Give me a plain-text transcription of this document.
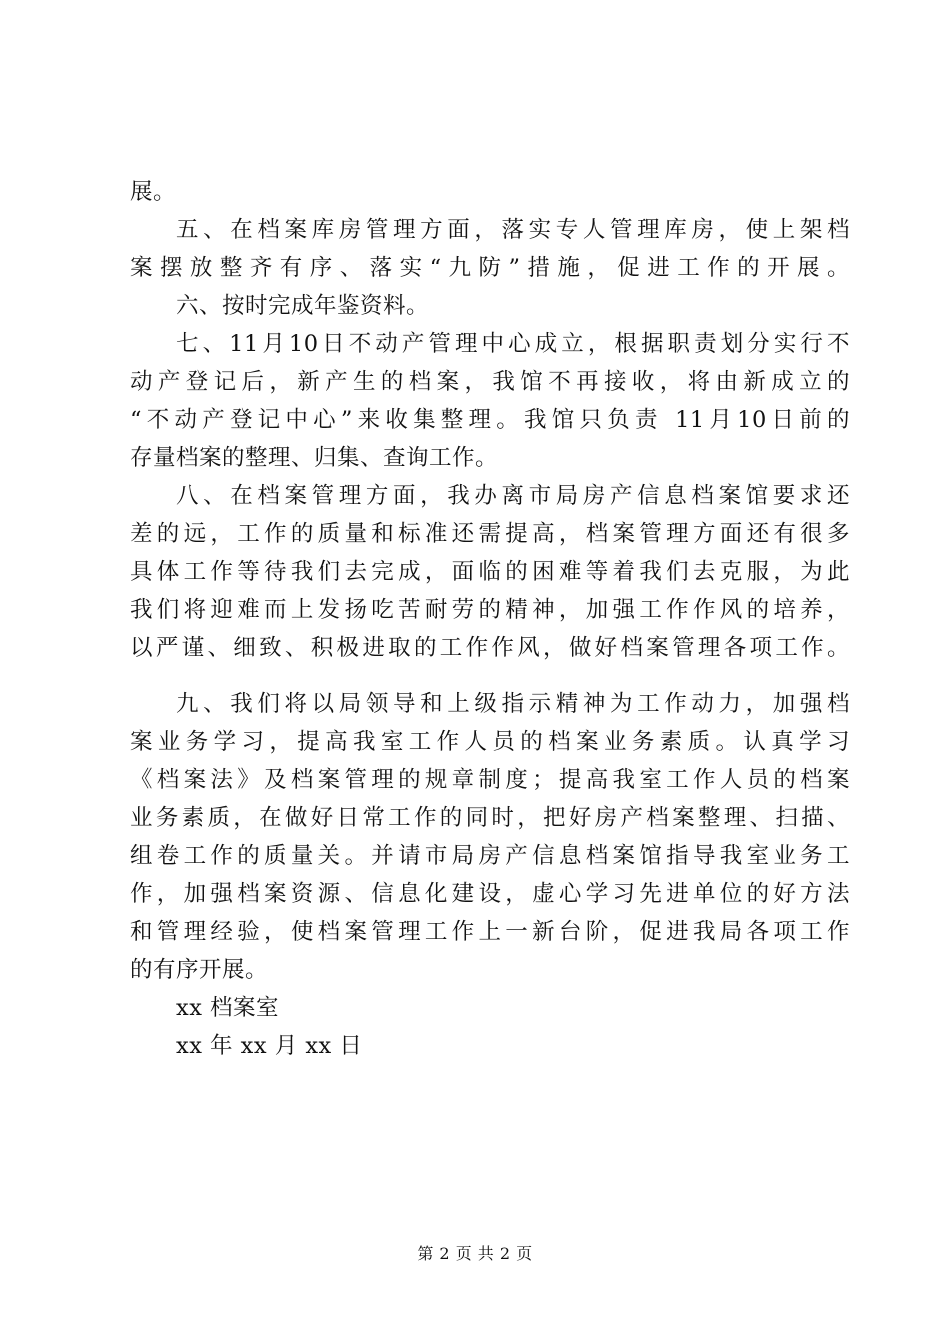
展。
五、在档案库房管理方面，落实专人管理库房，使上架档
案摆放整齐有序、落实“九防”措施，促进工作的开展。
六、按时完成年鉴资料。
七、11月10日不动产管理中心成立，根据职责划分实行不
动产登记后，新产生的档案，我馆不再接收，将由新成立的
“不动产登记中心”来收集整理。我馆只负责 11月10日前的
存量档案的整理、归集、查询工作。
八、在档案管理方面，我办离市局房产信息档案馆要求还
差的远，工作的质量和标准还需提高，档案管理方面还有很多
具体工作等待我们去完成，面临的困难等着我们去克服，为此
我们将迎难而上发扬吃苦耐劳的精神，加强工作作风的培养，
以严谨、细致、积极进取的工作作风，做好档案管理各项工作。
九、我们将以局领导和上级指示精神为工作动力，加强档
案业务学习，提高我室工作人员的档案业务素质。认真学习
《档案法》及档案管理的规章制度；提高我室工作人员的档案
业务素质，在做好日常工作的同时，把好房产档案整理、扫描、
组卷工作的质量关。并请市局房产信息档案馆指导我室业务工
作，加强档案资源、信息化建设，虚心学习先进单位的好方法
和管理经验，使档案管理工作上一新台阶，促进我局各项工作
的有序开展。
xx 档案室
xx 年 xx 月 xx 日
第 2 页 共 2 页
